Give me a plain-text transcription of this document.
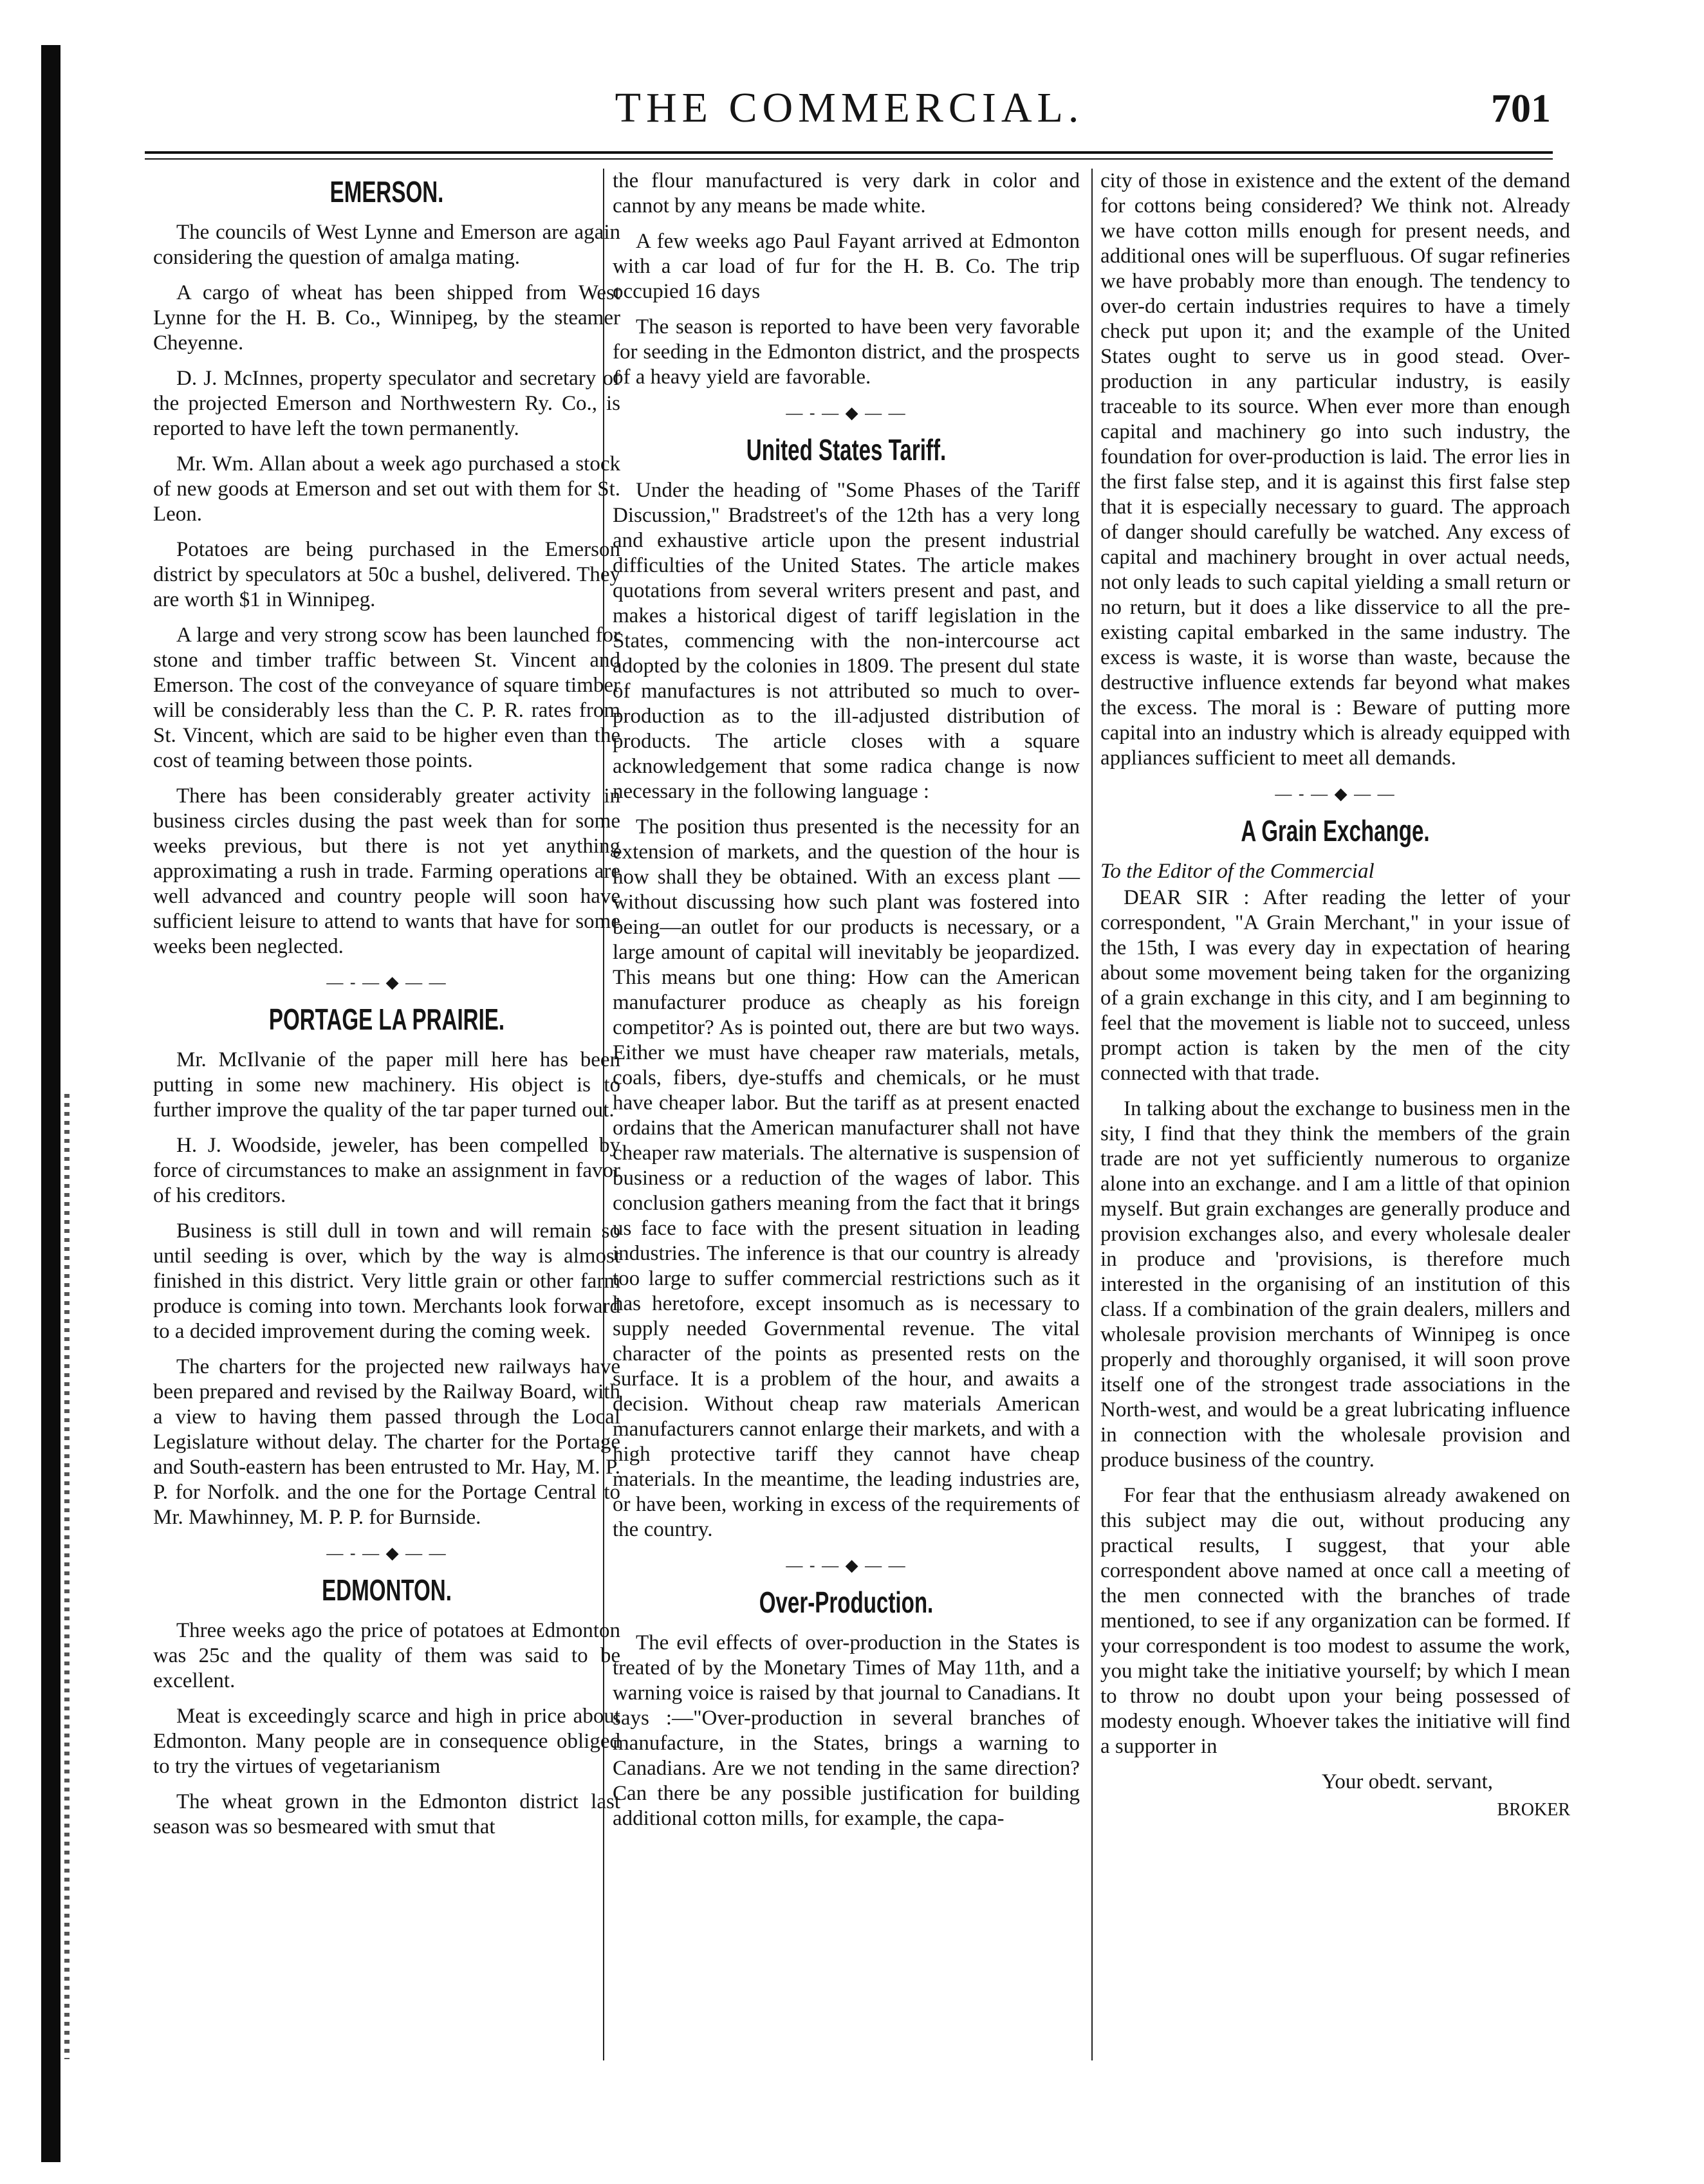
THE COMMERCIAL.	701
EMERSON.

The councils of West Lynne and Emerson are again considering the question of amalga mating.

A cargo of wheat has been shipped from West Lynne for the H. B. Co., Winnipeg, by the steamer Cheyenne.

D. J. McInnes, property speculator and secretary of the projected Emerson and Northwestern Ry. Co., is reported to have left the town permanently.

Mr. Wm. Allan about a week ago purchased a stock of new goods at Emerson and set out with them for St. Leon.

Potatoes are being purchased in the Emerson district by speculators at 50c a bushel, delivered. They are worth $1 in Winnipeg.

A large and very strong scow has been launched for stone and timber traffic between St. Vincent and Emerson. The cost of the conveyance of square timber will be considerably less than the C. P. R. rates from St. Vincent, which are said to be higher even than the cost of teaming between those points.

There has been considerably greater activity in business circles dusing the past week than for some weeks previous, but there is not yet anything approximating a rush in trade. Farming operations are well advanced and country people will soon have sufficient leisure to attend to wants that have for some weeks been neglected.

— - — ◆ — —
PORTAGE LA PRAIRIE.

Mr. McIlvanie of the paper mill here has been putting in some new machinery. His object is to further improve the quality of the tar paper turned out.

H. J. Woodside, jeweler, has been compelled by force of circumstances to make an assignment in favor of his creditors.

Business is still dull in town and will remain so until seeding is over, which by the way is almost finished in this district. Very little grain or other farm produce is coming into town. Merchants look forward to a decided improvement during the coming week.

The charters for the projected new railways have been prepared and revised by the Railway Board, with a view to having them passed through the Local Legislature without delay. The charter for the Portage and South-eastern has been entrusted to Mr. Hay, M. P. P. for Norfolk. and the one for the Portage Central to Mr. Mawhinney, M. P. P. for Burnside.

— - — ◆ — —
EDMONTON.

Three weeks ago the price of potatoes at Edmonton was 25c and the quality of them was said to be excellent.

Meat is exceedingly scarce and high in price about Edmonton. Many people are in consequence obliged to try the virtues of vegetarianism

The wheat grown in the Edmonton district last season was so besmeared with smut that

the flour manufactured is very dark in color and cannot by any means be made white.

A few weeks ago Paul Fayant arrived at Edmonton with a car load of fur for the H. B. Co. The trip occupied 16 days

The season is reported to have been very favorable for seeding in the Edmonton district, and the prospects of a heavy yield are favorable.

— - — ◆ — —
United States Tariff.

Under the heading of "Some Phases of the Tariff Discussion," Bradstreet's of the 12th has a very long and exhaustive article upon the present industrial difficulties of the United States. The article makes quotations from several writers present and past, and makes a historical digest of tariff legislation in the States, commencing with the non-intercourse act adopted by the colonies in 1809. The present dul state of manufactures is not attributed so much to over-production as to the ill-adjusted distribution of products. The article closes with a square acknowledgement that some radica change is now necessary in the following language :

The position thus presented is the necessity for an extension of markets, and the question of the hour is how shall they be obtained. With an excess plant — without discussing how such plant was fostered into being—an outlet for our products is necessary, or a large amount of capital will inevitably be jeopardized. This means but one thing: How can the American manufacturer produce as cheaply as his foreign competitor? As is pointed out, there are but two ways. Either we must have cheaper raw materials, metals, coals, fibers, dye-stuffs and chemicals, or he must have cheaper labor. But the tariff as at present enacted ordains that the American manufacturer shall not have cheaper raw materials. The alternative is suspension of business or a reduction of the wages of labor. This conclusion gathers meaning from the fact that it brings us face to face with the present situation in leading industries. The inference is that our country is already too large to suffer commercial restrictions such as it has heretofore, except insomuch as is necessary to supply needed Governmental revenue. The vital character of the points as presented rests on the surface. It is a problem of the hour, and awaits a decision. Without cheap raw materials American manufacturers cannot enlarge their markets, and with a high protective tariff they cannot have cheap materials. In the meantime, the leading industries are, or have been, working in excess of the requirements of the country.

— - — ◆ — —
Over-Production.

The evil effects of over-production in the States is treated of by the Monetary Times of May 11th, and a warning voice is raised by that journal to Canadians. It says :—"Over-production in several branches of manufacture, in the States, brings a warning to Canadians. Are we not tending in the same direction? Can there be any possible justification for building additional cotton mills, for example, the capa-

city of those in existence and the extent of the demand for cottons being considered? We think not. Already we have cotton mills enough for present needs, and additional ones will be superfluous. Of sugar refineries we have probably more than enough. The tendency to over-do certain industries requires to have a timely check put upon it; and the example of the United States ought to serve us in good stead. Over-production in any particular industry, is easily traceable to its source. When ever more than enough capital and machinery go into such industry, the foundation for over-production is laid. The error lies in the first false step, and it is against this first false step that it is especially necessary to guard. The approach of danger should carefully be watched. Any excess of capital and machinery brought in over actual needs, not only leads to such capital yielding a small return or no return, but it does a like disservice to all the pre-existing capital embarked in the same industry. The excess is waste, it is worse than waste, because the destructive influence extends far beyond what makes the excess. The moral is : Beware of putting more capital into an industry which is already equipped with appliances sufficient to meet all demands.

— - — ◆ — —
A Grain Exchange.

To the Editor of the Commercial

DEAR SIR : After reading the letter of your correspondent, "A Grain Merchant," in your issue of the 15th, I was every day in expectation of hearing about some movement being taken for the organizing of a grain exchange in this city, and I am beginning to feel that the movement is liable not to succeed, unless prompt action is taken by the men of the city connected with that trade.

In talking about the exchange to business men in the sity, I find that they think the members of the grain trade are not yet sufficiently numerous to organize alone into an exchange. and I am a little of that opinion myself. But grain exchanges are generally produce and provision exchanges also, and every wholesale dealer in produce and 'provisions, is therefore much interested in the organising of an institution of this class. If a combination of the grain dealers, millers and wholesale provision merchants of Winnipeg is once properly and thoroughly organised, it will soon prove itself one of the strongest trade associations in the North-west, and would be a great lubricating influence in connection with the wholesale provision and produce business of the country.

For fear that the enthusiasm already awakened on this subject may die out, without producing any practical results, I suggest, that your able correspondent above named at once call a meeting of the men connected with the branches of trade mentioned, to see if any organization can be formed. If your correspondent is too modest to assume the work, you might take the initiative yourself; by which I mean to throw no doubt upon your being possessed of modesty enough. Whoever takes the initiative will find a supporter in

Your obedt. servant,

BROKER
